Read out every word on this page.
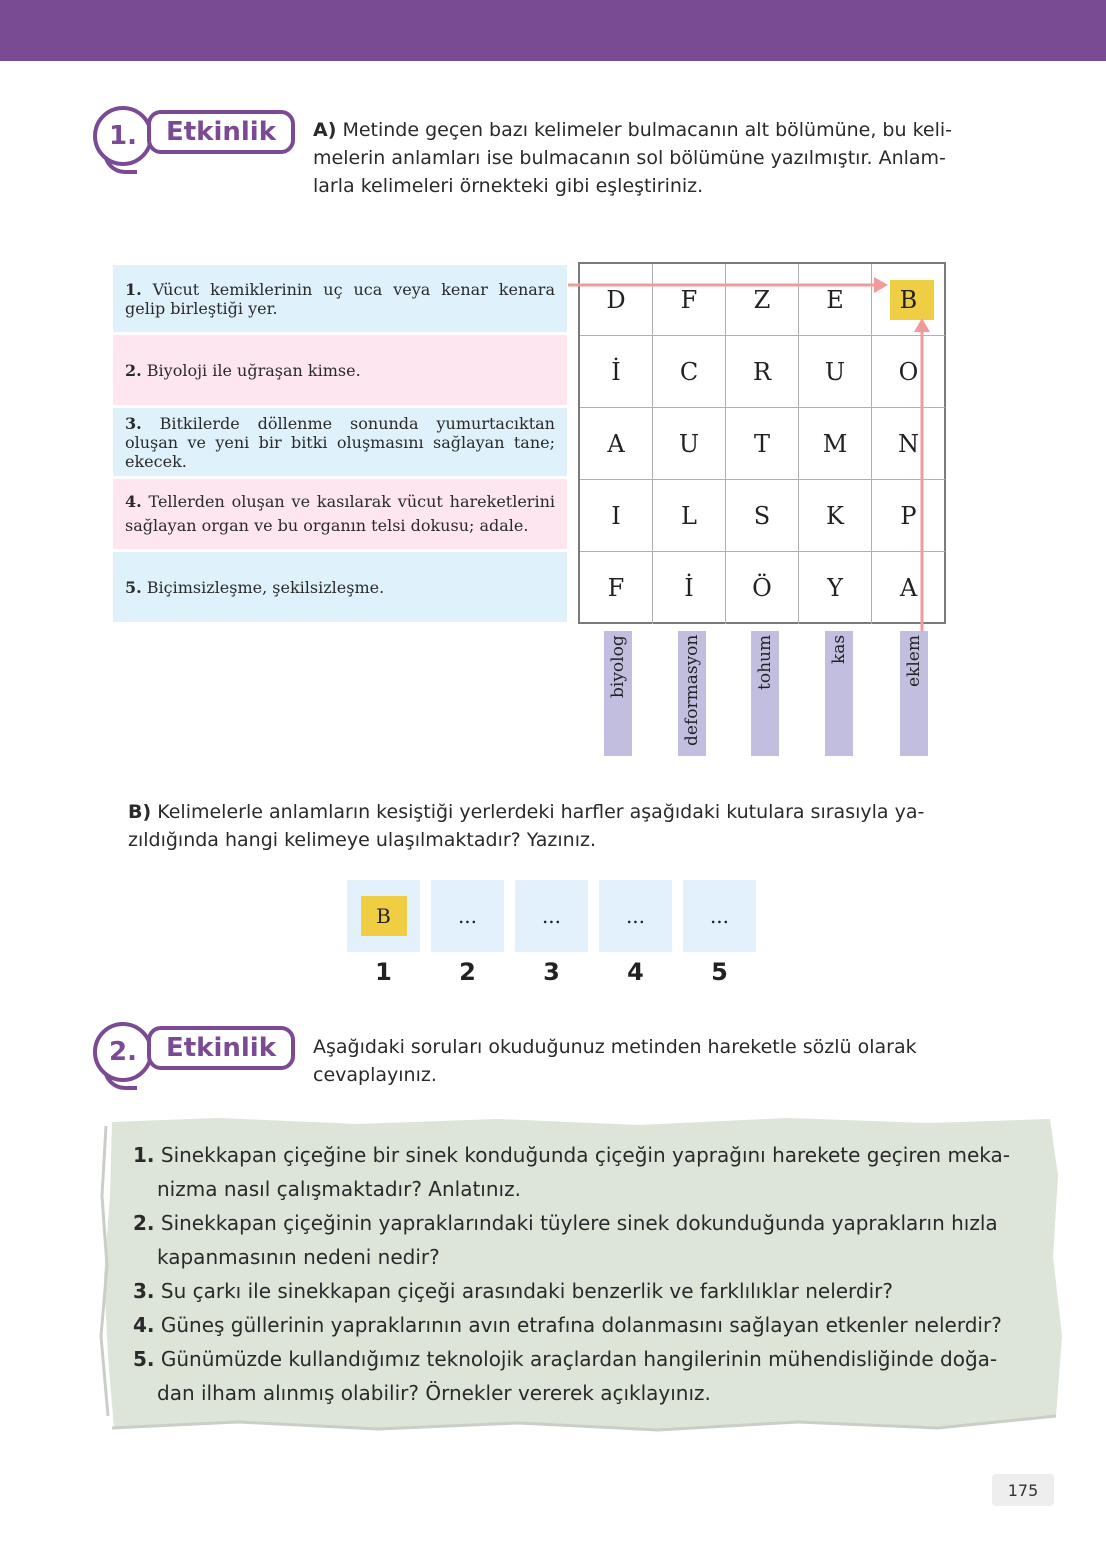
1.	Etkinlik	A) Metinde geçen bazı kelimeler bulmacanın alt bölümüne, bu keli-
melerin anlamları ise bulmacanın sol bölümüne yazılmıştır. Anlam-
larla kelimeleri örnekteki gibi eşleştiriniz.
1. Vücut kemiklerinin uç uca veya kenar kenara gelip birleştiği yer.
2. Biyoloji ile uğraşan kimse.
3. Bitkilerde döllenme sonunda yumurtacıktan oluşan ve yeni bir bitki oluşmasını sağlayan tane; ekecek.
4. Tellerden oluşan ve kasılarak vücut hareketlerini sağlayan organ ve bu organın telsi dokusu; adale.
5. Biçimsizleşme, şekilsizleşme.
D	F	Z	E	B
İ	C	R	U	O
A	U	T	M	N
I	L	S	K	P
F	İ	Ö	Y	A
biyolog	deformasyon	tohum	kas	eklem
B) Kelimelerle anlamların kesiştiği yerlerdeki harfler aşağıdaki kutulara sırasıyla ya-
zıldığında hangi kelimeye ulaşılmaktadır? Yazınız.
B	...	...	...	...
1	2	3	4	5
2.	Etkinlik	Aşağıdaki soruları okuduğunuz metinden hareketle sözlü olarak
cevaplayınız.
1. Sinekkapan çiçeğine bir sinek konduğunda çiçeğin yaprağını harekete geçiren meka-nizma nasıl çalışmaktadır? Anlatınız.
2. Sinekkapan çiçeğinin yapraklarındaki tüylere sinek dokunduğunda yaprakların hızla kapanmasının nedeni nedir?
3. Su çarkı ile sinekkapan çiçeği arasındaki benzerlik ve farklılıklar nelerdir?
4. Güneş güllerinin yapraklarının avın etrafına dolanmasını sağlayan etkenler nelerdir?
5. Günümüzde kullandığımız teknolojik araçlardan hangilerinin mühendisliğinde doğa-dan ilham alınmış olabilir? Örnekler vererek açıklayınız.
175
